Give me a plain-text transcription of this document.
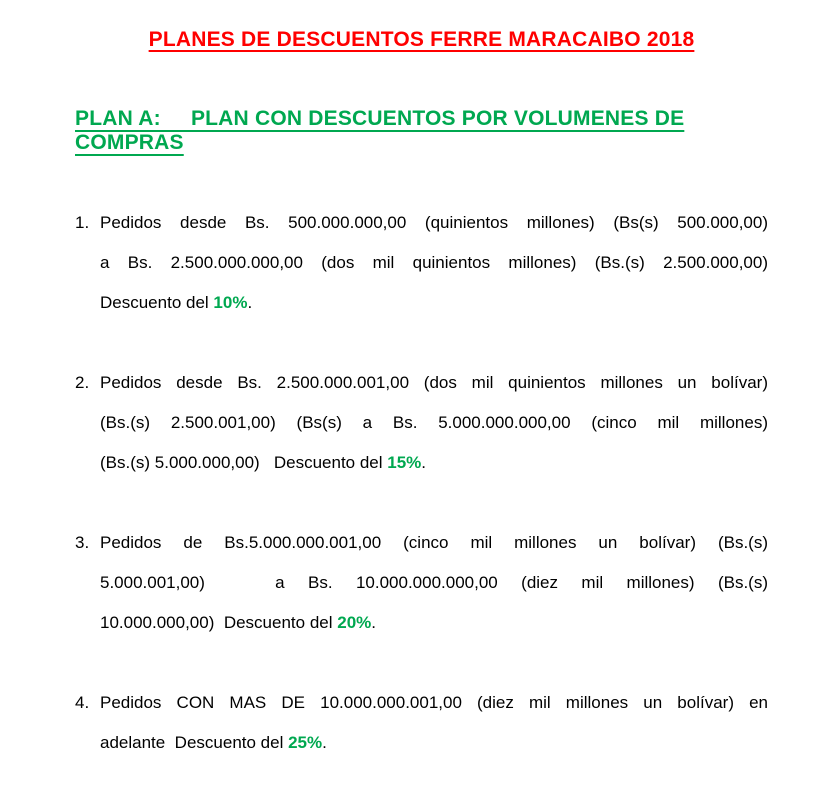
PLANES DE DESCUENTOS FERRE MARACAIBO 2018
PLAN A:     PLAN CON DESCUENTOS POR VOLUMENES DE COMPRAS
1. Pedidos desde Bs. 500.000.000,00 (quinientos millones) (Bs(s) 500.000,00)
a Bs. 2.500.000.000,00 (dos mil quinientos millones) (Bs.(s) 2.500.000,00)
Descuento del 10%.
2. Pedidos desde Bs. 2.500.000.001,00 (dos mil quinientos millones un bolívar)
(Bs.(s) 2.500.001,00) (Bs(s) a Bs. 5.000.000.000,00 (cinco mil millones)
(Bs.(s) 5.000.000,00)   Descuento del 15%.
3. Pedidos de Bs.5.000.000.001,00 (cinco mil millones un bolívar) (Bs.(s)
5.000.001,00)   a Bs. 10.000.000.000,00 (diez mil millones) (Bs.(s)
10.000.000,00)  Descuento del 20%.
4. Pedidos CON MAS DE 10.000.000.001,00 (diez mil millones un bolívar) en
adelante  Descuento del 25%.
